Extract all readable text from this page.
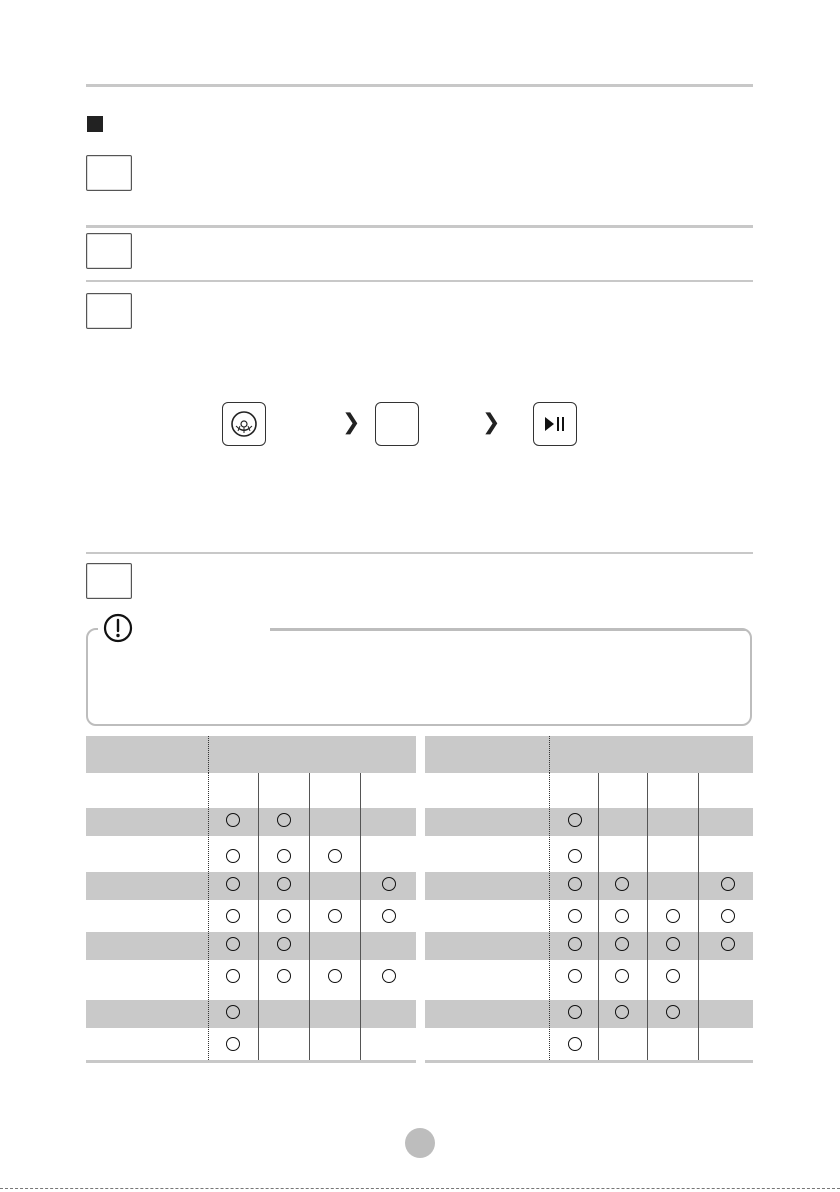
❯	❯
